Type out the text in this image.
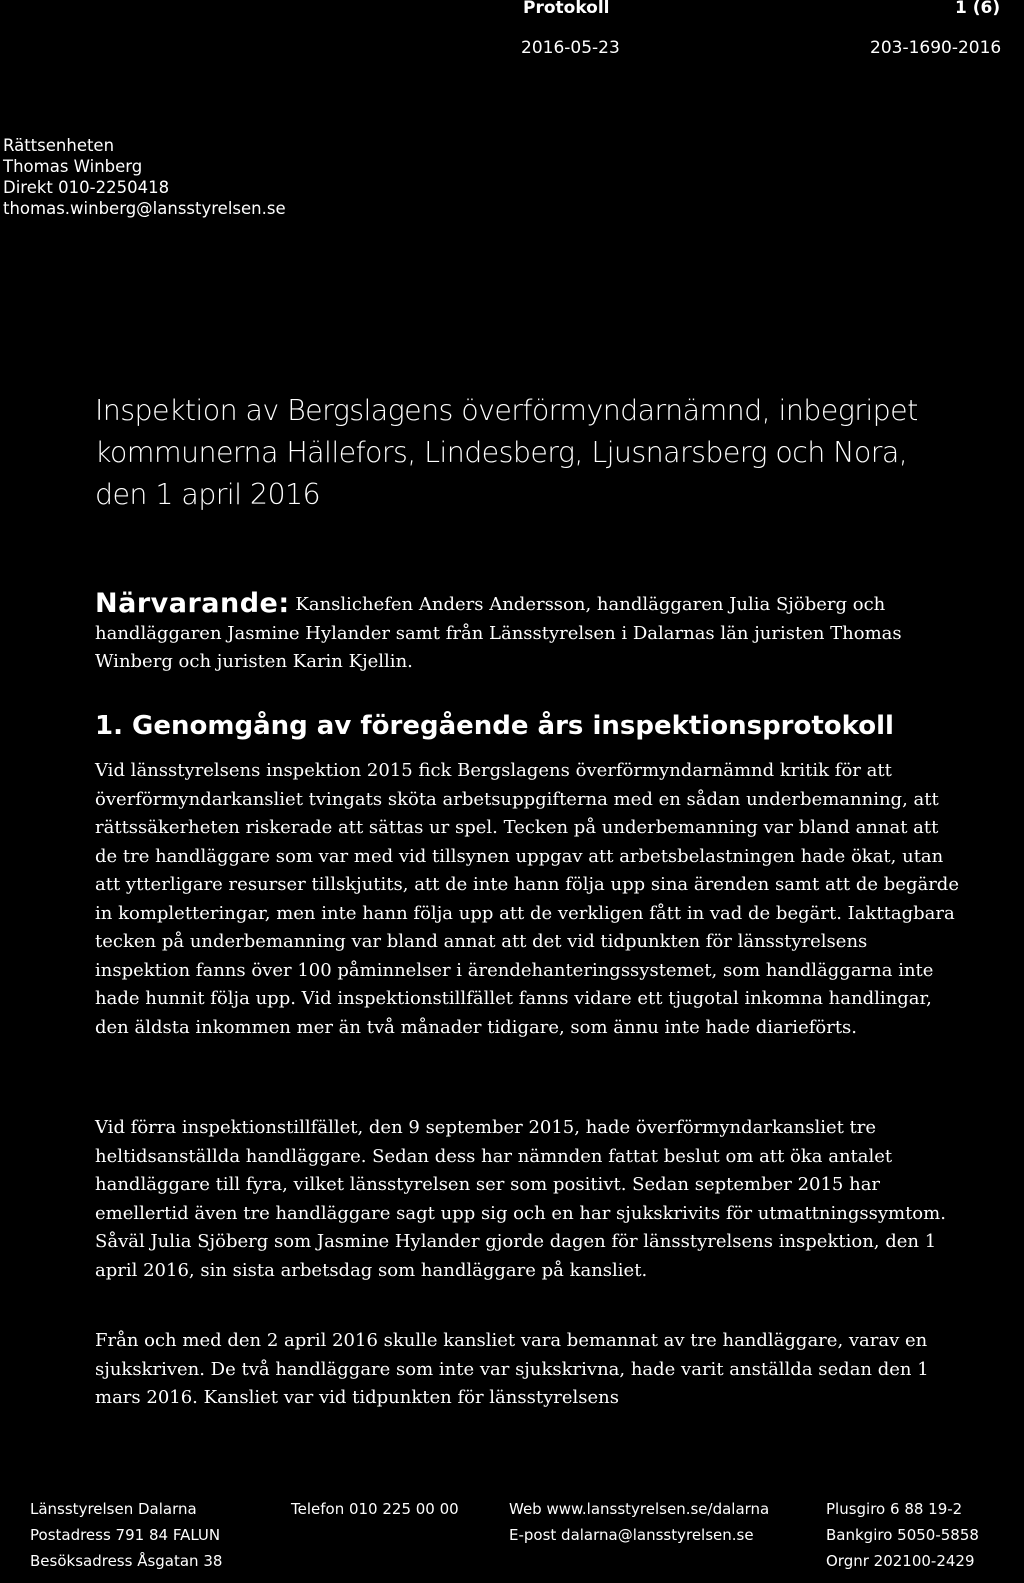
Protokoll	1 (6)
2016-05-23	203-1690-2016
Rättsenheten
Thomas Winberg
Direkt 010-2250418
thomas.winberg@lansstyrelsen.se
Inspektion av Bergslagens överförmyndarnämnd, inbegripet
kommunerna Hällefors, Lindesberg, Ljusnarsberg och Nora,
den 1 april 2016
Närvarande: Kanslichefen Anders Andersson, handläggaren Julia Sjöberg och handläggaren Jasmine Hylander samt från Länsstyrelsen i Dalarnas län juristen Thomas Winberg och juristen Karin Kjellin.
1. Genomgång av föregående års inspektionsprotokoll
Vid länsstyrelsens inspektion 2015 fick Bergslagens överförmyndarnämnd kritik för att överförmyndarkansliet tvingats sköta arbetsuppgifterna med en sådan underbemanning, att rättssäkerheten riskerade att sättas ur spel. Tecken på underbemanning var bland annat att de tre handläggare som var med vid tillsynen uppgav att arbetsbelastningen hade ökat, utan att ytterligare resurser tillskjutits, att de inte hann följa upp sina ärenden samt att de begärde in kompletteringar, men inte hann följa upp att de verkligen fått in vad de begärt. Iakttagbara tecken på underbemanning var bland annat att det vid tidpunkten för länsstyrelsens inspektion fanns över 100 påminnelser i ärendehanteringssystemet, som handläggarna inte hade hunnit följa upp. Vid inspektionstillfället fanns vidare ett tjugotal inkomna handlingar, den äldsta inkommen mer än två månader tidigare, som ännu inte hade diarieförts.
Vid förra inspektionstillfället, den 9 september 2015, hade överförmyndarkansliet tre heltidsanställda handläggare. Sedan dess har nämnden fattat beslut om att öka antalet handläggare till fyra, vilket länsstyrelsen ser som positivt. Sedan september 2015 har emellertid även tre handläggare sagt upp sig och en har sjukskrivits för utmattningssymtom. Såväl Julia Sjöberg som Jasmine Hylander gjorde dagen för länsstyrelsens inspektion, den 1 april 2016, sin sista arbetsdag som handläggare på kansliet.
Från och med den 2 april 2016 skulle kansliet vara bemannat av tre handläggare, varav en sjukskriven. De två handläggare som inte var sjukskrivna, hade varit anställda sedan den 1 mars 2016. Kansliet var vid tidpunkten för länsstyrelsens
Länsstyrelsen Dalarna
Postadress 791 84 FALUN
Besöksadress Åsgatan 38
Telefon 010 225 00 00	Web www.lansstyrelsen.se/dalarna
E-post dalarna@lansstyrelsen.se
Plusgiro 6 88 19-2
Bankgiro 5050-5858
Orgnr 202100-2429
